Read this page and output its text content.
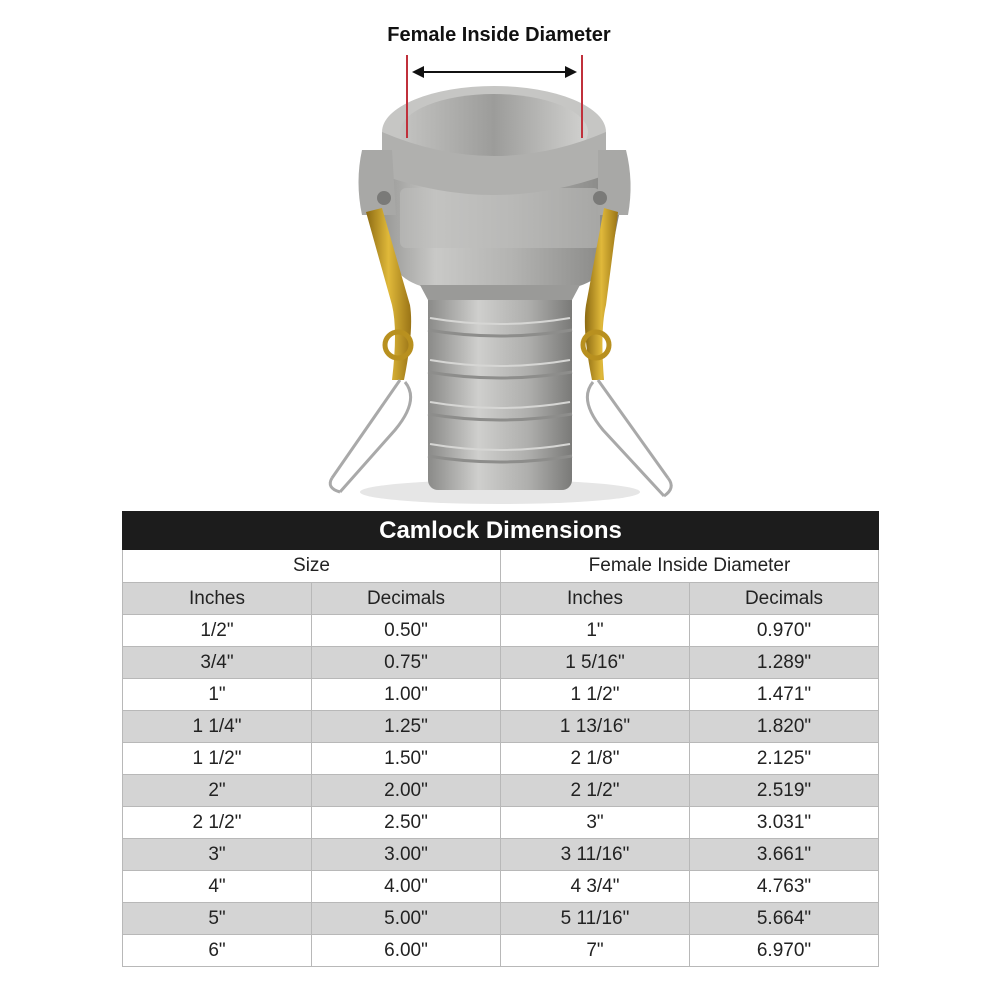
Female Inside Diameter
Camlock Dimensions			
Size		Female Inside Diameter	
Inches	Decimals	Inches	Decimals
1/2"	0.50"	1"	0.970"
3/4"	0.75"	1 5/16"	1.289"
1"	1.00"	1 1/2"	1.471"
1 1/4"	1.25"	1 13/16"	1.820"
1 1/2"	1.50"	2 1/8"	2.125"
2"	2.00"	2 1/2"	2.519"
2 1/2"	2.50"	3"	3.031"
3"	3.00"	3 11/16"	3.661"
4"	4.00"	4 3/4"	4.763"
5"	5.00"	5 11/16"	5.664"
6"	6.00"	7"	6.970"
